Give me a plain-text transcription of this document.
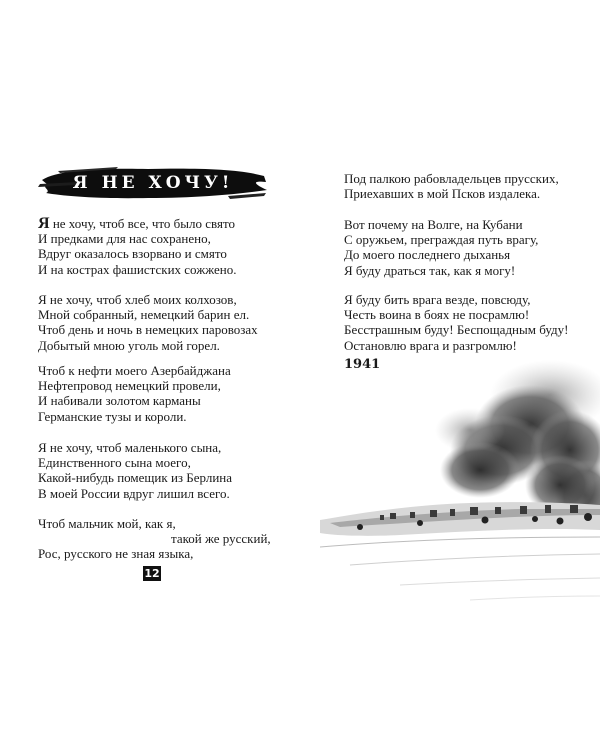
Я НЕ ХОЧУ!
Я не хочу, чтоб все, что было свято
И предками для нас сохранено,
Вдруг оказалось взорвано и смято
И на кострах фашистских сожжено.
Я не хочу, чтоб хлеб моих колхозов,
Мной собранный, немецкий барин ел.
Чтоб день и ночь в немецких паровозах
Добытый мною уголь мой горел.
Чтоб к нефти моего Азербайджана
Нефтепровод немецкий провели,
И набивали золотом карманы
Германские тузы и короли.
Я не хочу, чтоб маленького сына,
Единственного сына моего,
Какой-нибудь помещик из Берлина
В моей России вдруг лишил всего.
Чтоб мальчик мой, как я,
такой же русский,
Рос, русского не зная языка,
12
Под палкою рабовладельцев прусских,
Приехавших в мой Псков издалека.
Вот почему на Волге, на Кубани
С оружьем, преграждая путь врагу,
До моего последнего дыханья
Я буду драться так, как я могу!
Я буду бить врага везде, повсюду,
Честь воина в боях не посрамлю!
Бесстрашным буду! Беспощадным буду!
Остановлю врага и разгромлю!
1941
